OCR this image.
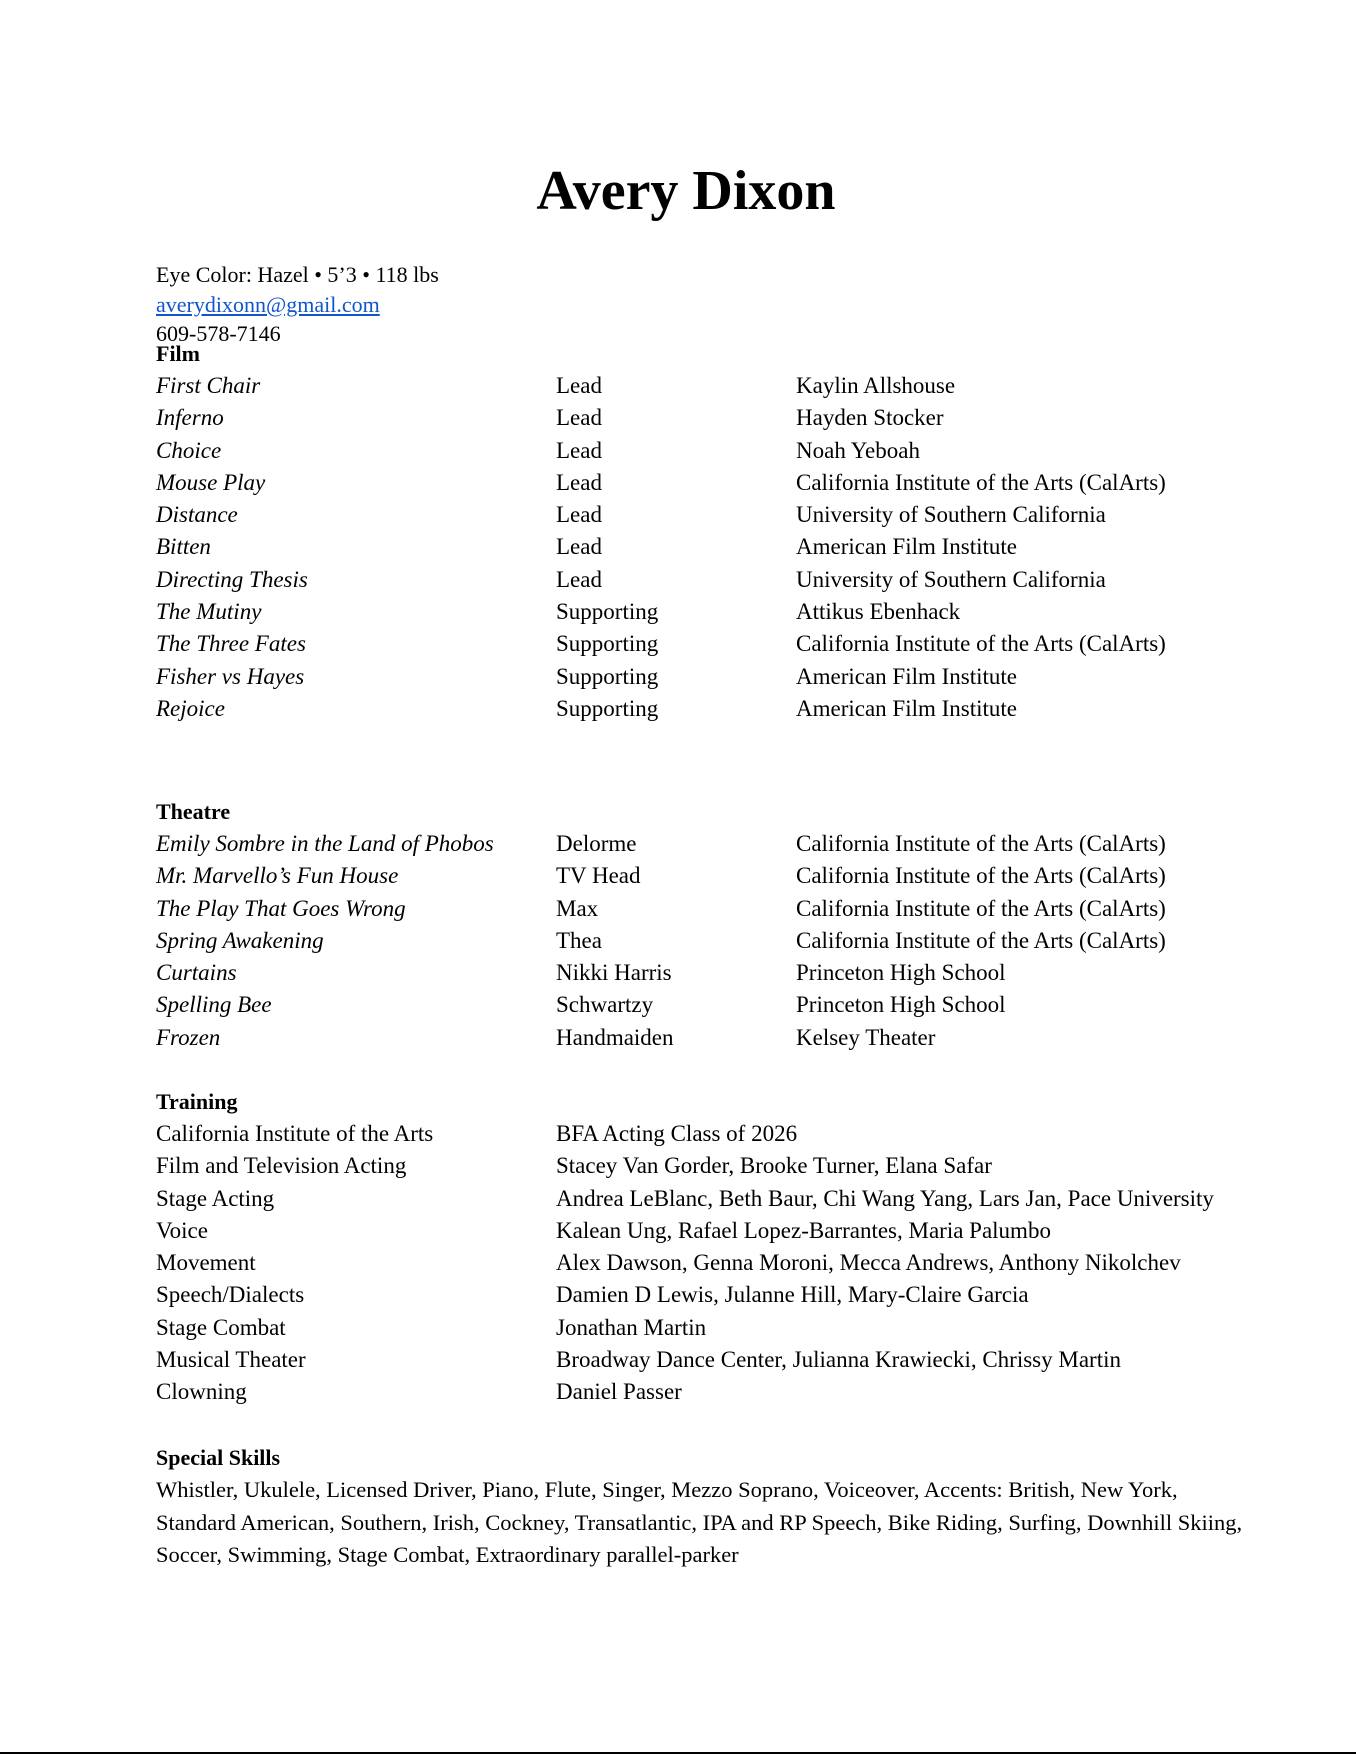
Avery Dixon
Eye Color: Hazel • 5’3 • 118 lbs
averydixonn@gmail.com
609-578-7146
Film
First Chair	Lead	Kaylin Allshouse
Inferno	Lead	Hayden Stocker
Choice	Lead	Noah Yeboah
Mouse Play	Lead	California Institute of the Arts (CalArts)
Distance	Lead	University of Southern California
Bitten	Lead	American Film Institute
Directing Thesis	Lead	University of Southern California
The Mutiny	Supporting	Attikus Ebenhack
The Three Fates	Supporting	California Institute of the Arts (CalArts)
Fisher vs Hayes	Supporting	American Film Institute
Rejoice	Supporting	American Film Institute
Theatre
Emily Sombre in the Land of Phobos	Delorme	California Institute of the Arts (CalArts)
Mr. Marvello’s Fun House	TV Head	California Institute of the Arts (CalArts)
The Play That Goes Wrong	Max	California Institute of the Arts (CalArts)
Spring Awakening	Thea	California Institute of the Arts (CalArts)
Curtains	Nikki Harris	Princeton High School
Spelling Bee	Schwartzy	Princeton High School
Frozen	Handmaiden	Kelsey Theater
Training
California Institute of the Arts	BFA Acting Class of 2026
Film and Television Acting	Stacey Van Gorder, Brooke Turner, Elana Safar
Stage Acting	Andrea LeBlanc, Beth Baur, Chi Wang Yang, Lars Jan, Pace University
Voice	Kalean Ung, Rafael Lopez-Barrantes, Maria Palumbo
Movement	Alex Dawson, Genna Moroni, Mecca Andrews, Anthony Nikolchev
Speech/Dialects	Damien D Lewis, Julanne Hill, Mary-Claire Garcia
Stage Combat	Jonathan Martin
Musical Theater	Broadway Dance Center, Julianna Krawiecki, Chrissy Martin
Clowning	Daniel Passer
Special Skills
Whistler, Ukulele, Licensed Driver, Piano, Flute, Singer, Mezzo Soprano, Voiceover, Accents: British, New York, Standard American, Southern, Irish, Cockney, Transatlantic, IPA and RP Speech, Bike Riding, Surfing, Downhill Skiing, Soccer, Swimming, Stage Combat, Extraordinary parallel-parker
